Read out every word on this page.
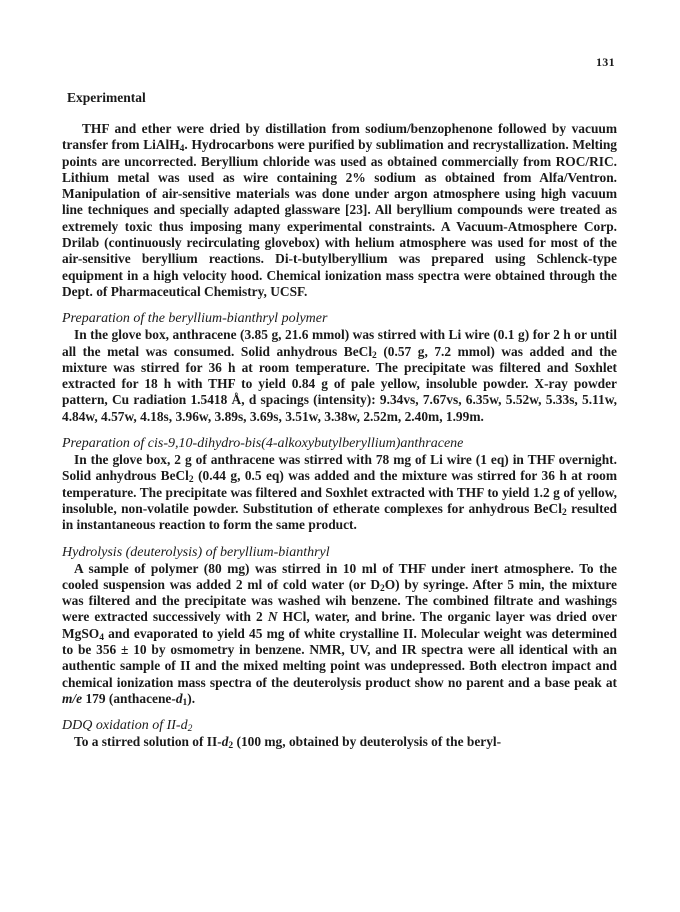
131
Experimental

THF and ether were dried by distillation from sodium/benzophenone followed by vacuum transfer from LiAlH$_4$. Hydrocarbons were purified by sublimation and recrystallization. Melting points are uncorrected. Beryllium chloride was used as obtained commercially from ROC/RIC. Lithium metal was used as wire containing 2% sodium as obtained from Alfa/Ventron. Manipulation of air-sensitive materials was done under argon atmosphere using high vacuum line techniques and specially adapted glassware [23]. All beryllium compounds were treated as extremely toxic thus imposing many experimental constraints. A Vacuum-Atmosphere Corp. Drilab (continuously recirculating glovebox) with helium atmosphere was used for most of the air-sensitive beryllium reactions. Di-t-butylberyllium was prepared using Schlenck-type equipment in a high velocity hood. Chemical ionization mass spectra were obtained through the Dept. of Pharmaceutical Chemistry, UCSF.

Preparation of the beryllium-bianthryl polymer

In the glove box, anthracene (3.85 g, 21.6 mmol) was stirred with Li wire (0.1 g) for 2 h or until all the metal was consumed. Solid anhydrous BeCl$_2$ (0.57 g, 7.2 mmol) was added and the mixture was stirred for 36 h at room temperature. The precipitate was filtered and Soxhlet extracted for 18 h with THF to yield 0.84 g of pale yellow, insoluble powder. X-ray powder pattern, Cu radiation 1.5418 Å, d spacings (intensity): 9.34vs, 7.67vs, 6.35w, 5.52w, 5.33s, 5.11w, 4.84w, 4.57w, 4.18s, 3.96w, 3.89s, 3.69s, 3.51w, 3.38w, 2.52m, 2.40m, 1.99m.

Preparation of cis-9,10-dihydro-bis(4-alkoxybutylberyllium)anthracene

In the glove box, 2 g of anthracene was stirred with 78 mg of Li wire (1 eq) in THF overnight. Solid anhydrous BeCl$_2$ (0.44 g, 0.5 eq) was added and the mixture was stirred for 36 h at room temperature. The precipitate was filtered and Soxhlet extracted with THF to yield 1.2 g of yellow, insoluble, non-volatile powder. Substitution of etherate complexes for anhydrous BeCl$_2$ resulted in instantaneous reaction to form the same product.

Hydrolysis (deuterolysis) of beryllium-bianthryl

A sample of polymer (80 mg) was stirred in 10 ml of THF under inert atmosphere. To the cooled suspension was added 2 ml of cold water (or $D_2O$) by syringe. After 5 min, the mixture was filtered and the precipitate was washed wih benzene. The combined filtrate and washings were extracted successively with 2 N HCl, water, and brine. The organic layer was dried over MgSO$_4$ and evaporated to yield 45 mg of white crystalline II. Molecular weight was determined to be 356 ± 10 by osmometry in benzene. NMR, UV, and IR spectra were all identical with an authentic sample of II and the mixed melting point was undepressed. Both electron impact and chemical ionization mass spectra of the deuterolysis product show no parent and a base peak at m/e 179 $(anthacene-d_1)$.

DDQ oxidation of $II-d_2$

To a stirred solution of $II-d_2$ (100 mg, obtained by deuterolysis of the beryl-
